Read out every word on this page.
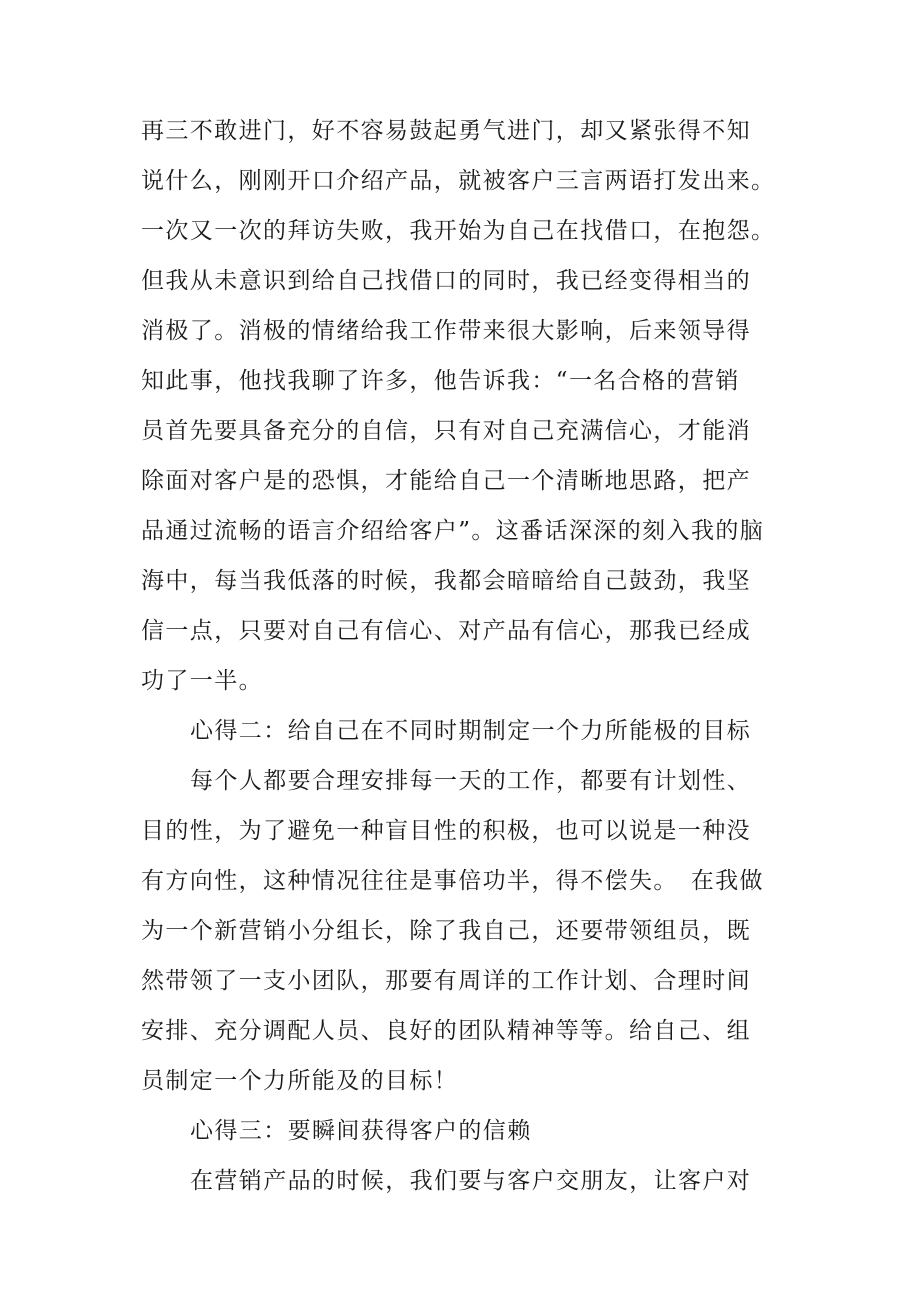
再三不敢进门，好不容易鼓起勇气进门，却又紧张得不知
说什么，刚刚开口介绍产品，就被客户三言两语打发出来。
一次又一次的拜访失败，我开始为自己在找借口，在抱怨。
但我从未意识到给自己找借口的同时，我已经变得相当的
消极了。消极的情绪给我工作带来很大影响，后来领导得
知此事，他找我聊了许多，他告诉我：“一名合格的营销
员首先要具备充分的自信，只有对自己充满信心，才能消
除面对客户是的恐惧，才能给自己一个清晰地思路，把产
品通过流畅的语言介绍给客户”。这番话深深的刻入我的脑
海中，每当我低落的时候，我都会暗暗给自己鼓劲，我坚
信一点，只要对自己有信心、对产品有信心，那我已经成
功了一半。
心得二：给自己在不同时期制定一个力所能极的目标
每个人都要合理安排每一天的工作，都要有计划性、
目的性，为了避免一种盲目性的积极，也可以说是一种没
有方向性，这种情况往往是事倍功半，得不偿失。　在我做
为一个新营销小分组长，除了我自己，还要带领组员，既
然带领了一支小团队，那要有周详的工作计划、合理时间
安排、充分调配人员、良好的团队精神等等。给自己、组
员制定一个力所能及的目标！
心得三：要瞬间获得客户的信赖
在营销产品的时候，我们要与客户交朋友，让客户对
